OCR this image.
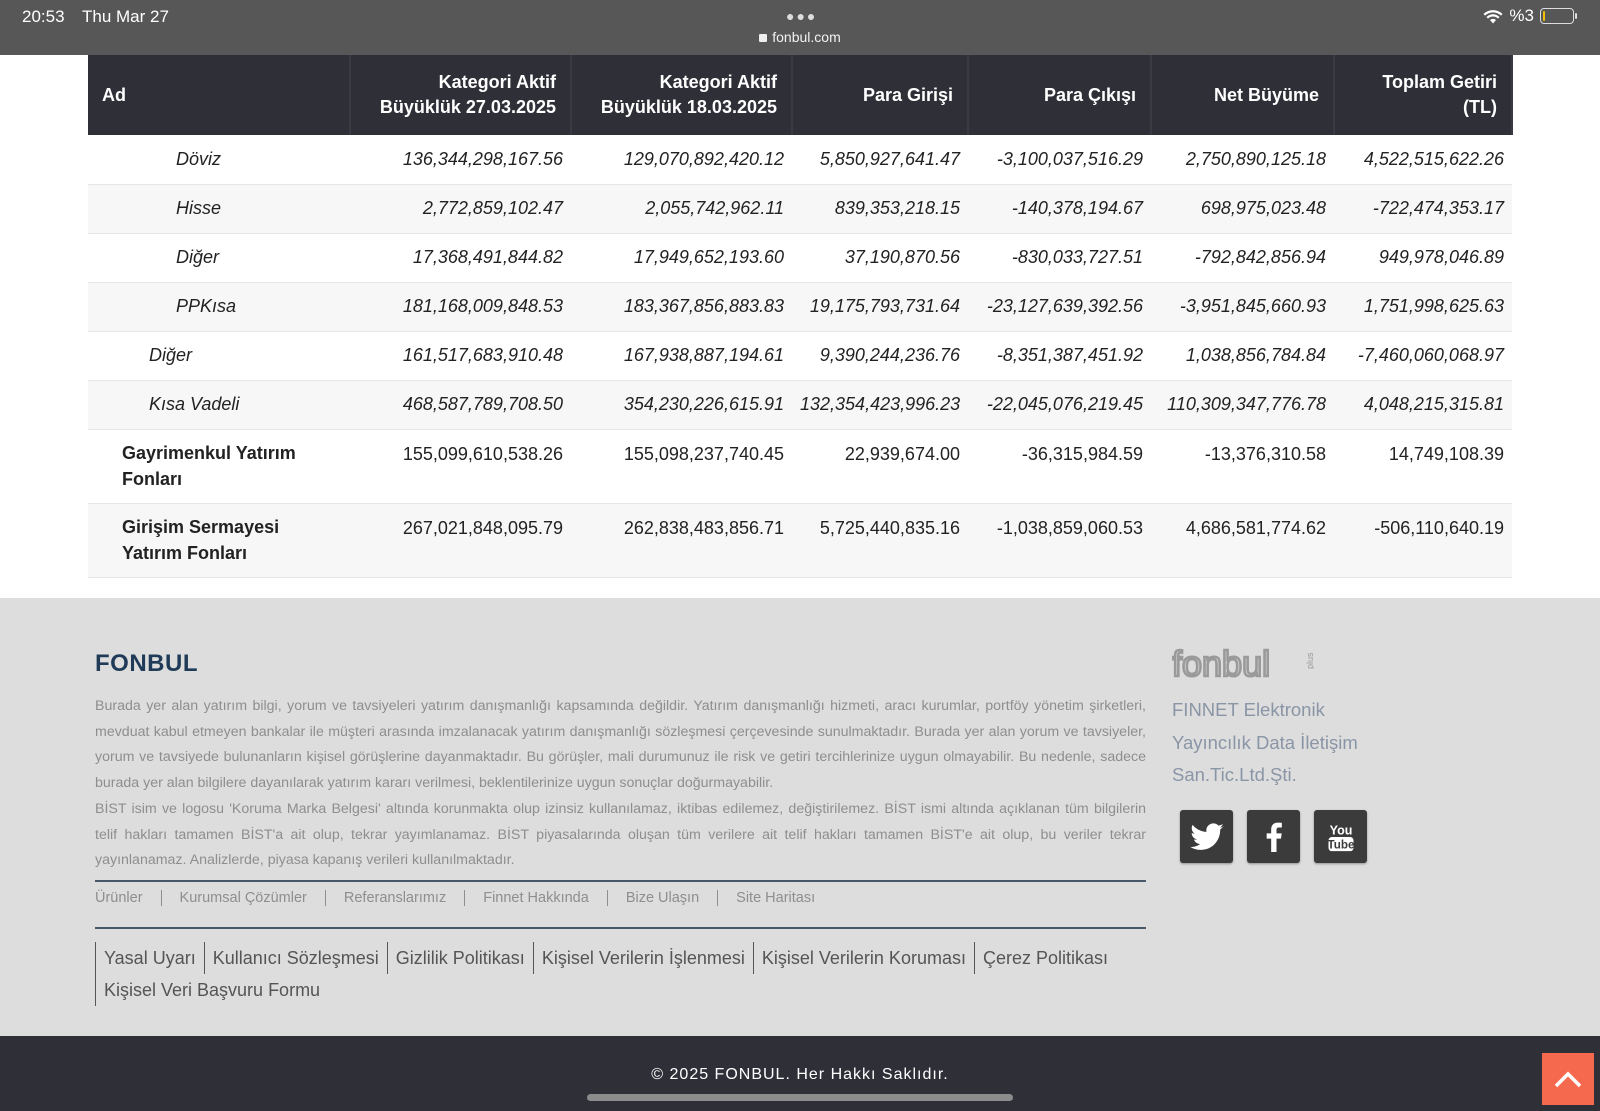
20:53 Thu Mar 27	●●●
fonbul.com
%3
Ad	Kategori Aktif Büyüklük 27.03.2025	Kategori Aktif Büyüklük 18.03.2025	Para Girişi	Para Çıkışı	Net Büyüme	Toplam Getiri (TL)
Döviz	136,344,298,167.56	129,070,892,420.12	5,850,927,641.47	-3,100,037,516.29	2,750,890,125.18	4,522,515,622.26
Hisse	2,772,859,102.47	2,055,742,962.11	839,353,218.15	-140,378,194.67	698,975,023.48	-722,474,353.17
Diğer	17,368,491,844.82	17,949,652,193.60	37,190,870.56	-830,033,727.51	-792,842,856.94	949,978,046.89
PPKısa	181,168,009,848.53	183,367,856,883.83	19,175,793,731.64	-23,127,639,392.56	-3,951,845,660.93	1,751,998,625.63
Diğer	161,517,683,910.48	167,938,887,194.61	9,390,244,236.76	-8,351,387,451.92	1,038,856,784.84	-7,460,060,068.97
Kısa Vadeli	468,587,789,708.50	354,230,226,615.91	132,354,423,996.23	-22,045,076,219.45	110,309,347,776.78	4,048,215,315.81
Gayrimenkul Yatırım Fonları	155,099,610,538.26	155,098,237,740.45	22,939,674.00	-36,315,984.59	-13,376,310.58	14,749,108.39
Girişim Sermayesi Yatırım Fonları	267,021,848,095.79	262,838,483,856.71	5,725,440,835.16	-1,038,859,060.53	4,686,581,774.62	-506,110,640.19
FONBUL

Burada yer alan yatırım bilgi, yorum ve tavsiyeleri yatırım danışmanlığı kapsamında değildir. Yatırım danışmanlığı hizmeti, aracı kurumlar, portföy yönetim şirketleri, mevduat kabul etmeyen bankalar ile müşteri arasında imzalanacak yatırım danışmanlığı sözleşmesi çerçevesinde sunulmaktadır. Burada yer alan yorum ve tavsiyeler, yorum ve tavsiyede bulunanların kişisel görüşlerine dayanmaktadır. Bu görüşler, mali durumunuz ile risk ve getiri tercihlerinize uygun olmayabilir. Bu nedenle, sadece burada yer alan bilgilere dayanılarak yatırım kararı verilmesi, beklentilerinize uygun sonuçlar doğurmayabilir.

BİST isim ve logosu 'Koruma Marka Belgesi' altında korunmakta olup izinsiz kullanılamaz, iktibas edilemez, değiştirilemez. BİST ismi altında açıklanan tüm bilgilerin telif hakları tamamen BİST'a ait olup, tekrar yayımlanamaz. BİST piyasalarında oluşan tüm verilere ait telif hakları tamamen BİST'e ait olup, bu veriler tekrar yayınlanamaz. Analizlerde, piyasa kapanış verileri kullanılmaktadır.

Ürünler	Kurumsal Çözümler	Referanslarımız	Finnet Hakkında	Bize Ulaşın	Site Haritası
Yasal Uyarı Kullanıcı Sözleşmesi Gizlilik Politikası Kişisel Verilerin İşlenmesi Kişisel Verilerin Koruması Çerez Politikası
Kişisel Veri Başvuru Formu
fonbul	plus
FINNET Elektronik
Yayıncılık Data İletişim
San.Tic.Ltd.Şti.
You
Tube
© 2025 FONBUL. Her Hakkı Saklıdır.
